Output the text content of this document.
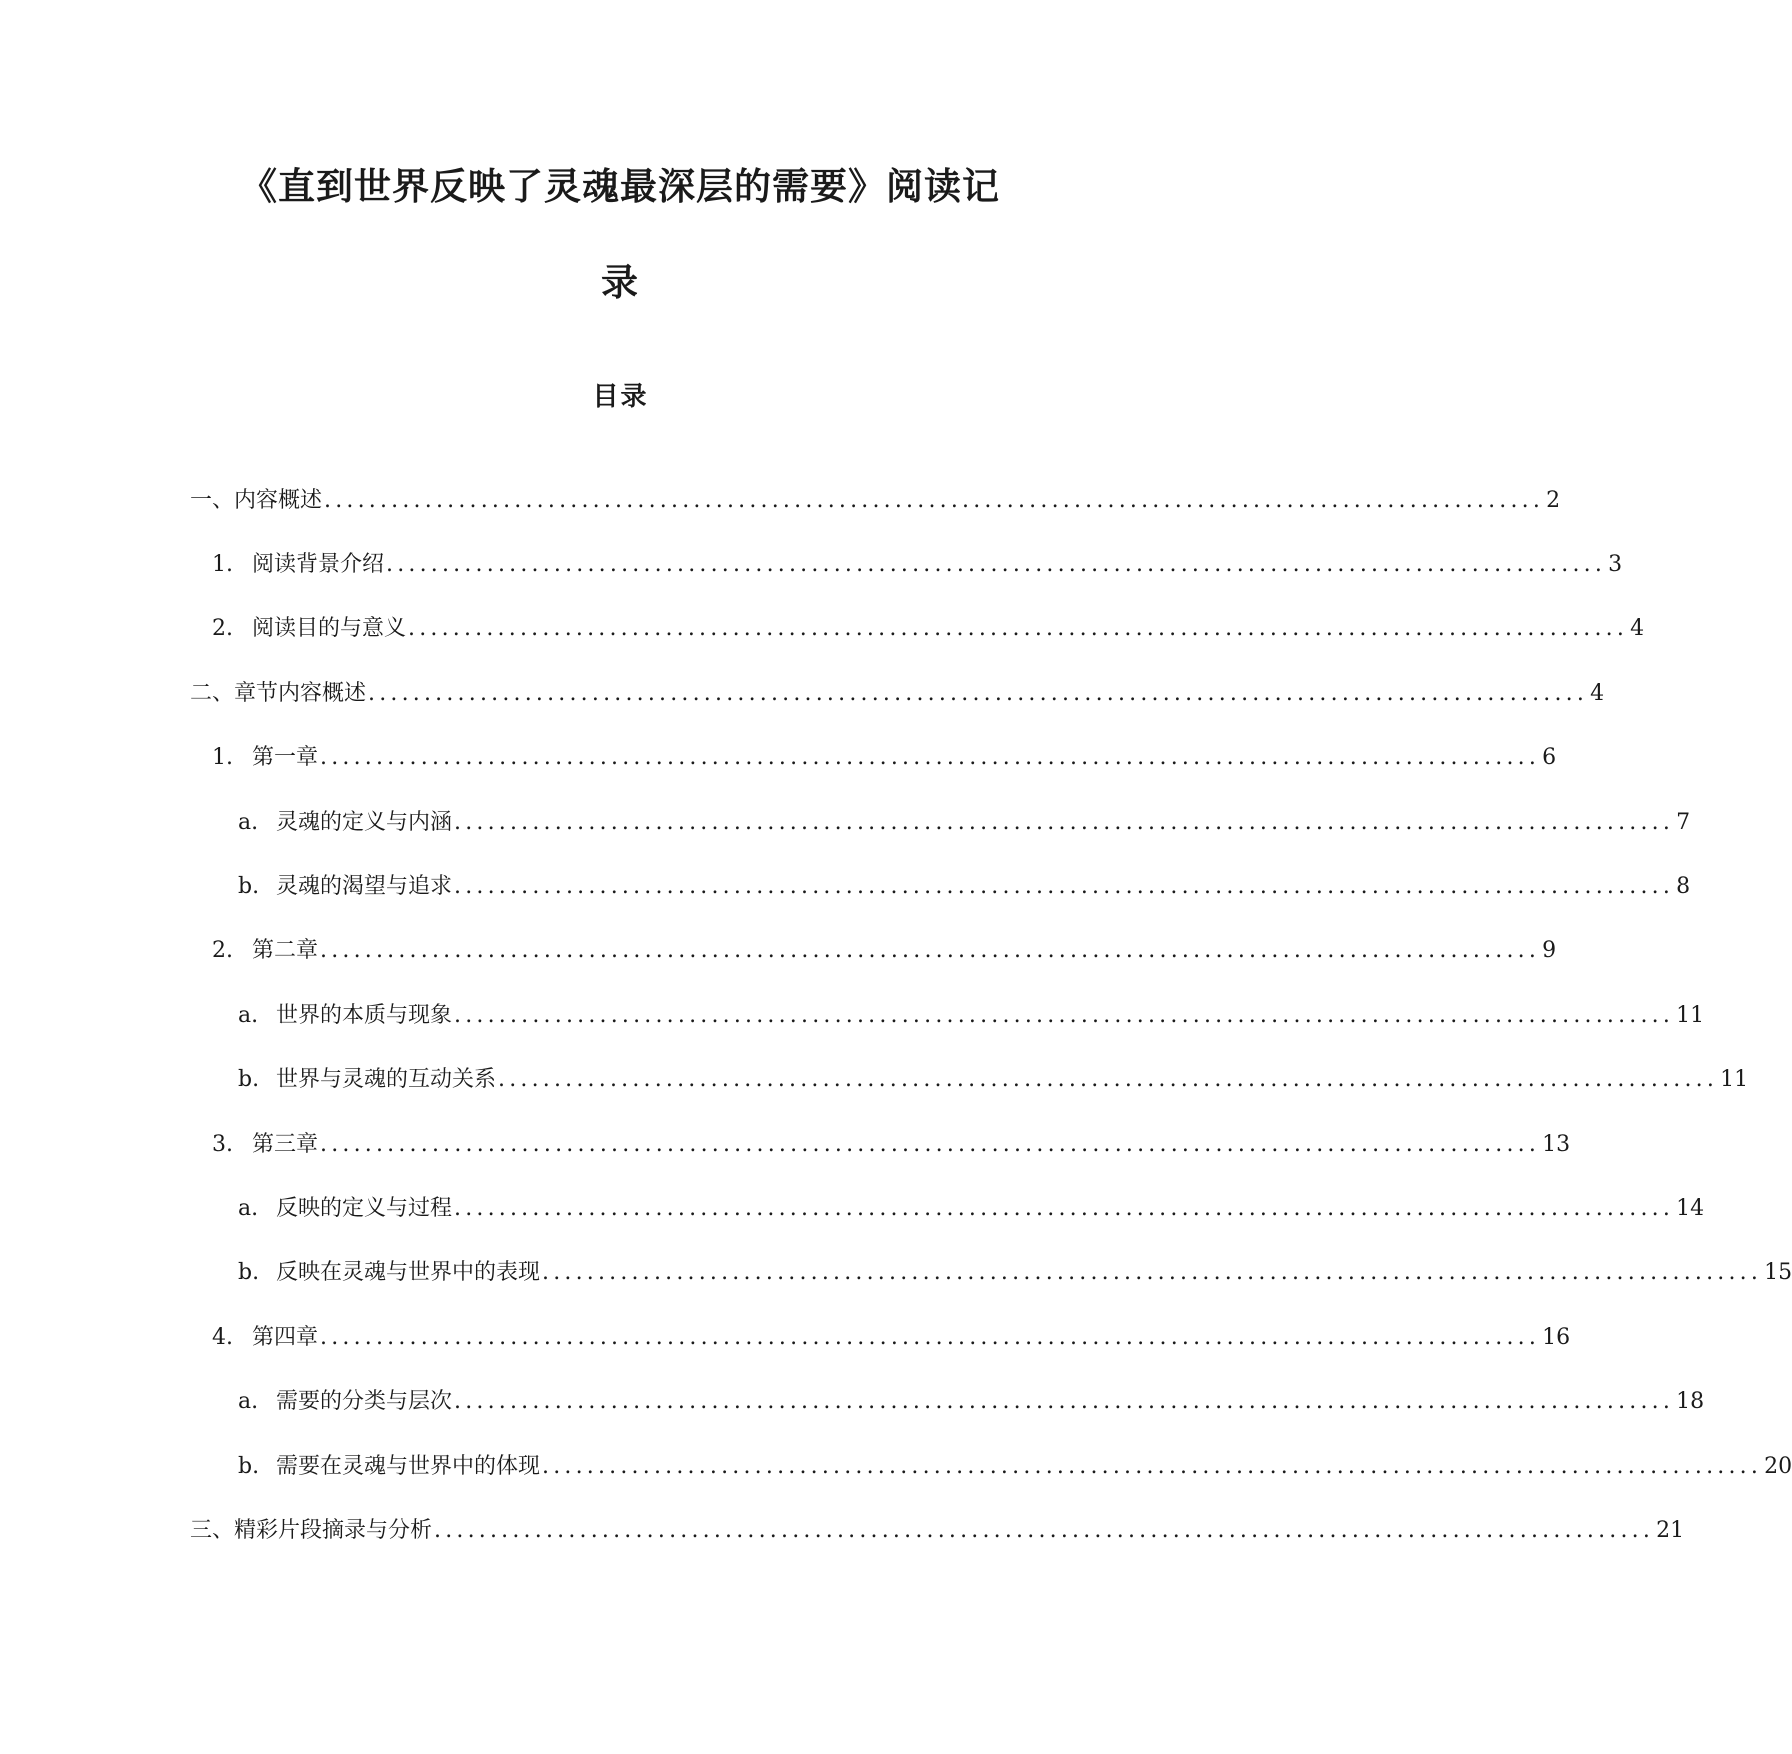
《直到世界反映了灵魂最深层的需要》阅读记
录
目录
一、内容概述 ............................................................................................................. 2
1. 阅读背景介绍 ............................................................................................................. 3
2. 阅读目的与意义 ............................................................................................................. 4
二、章节内容概述 ............................................................................................................. 4
1. 第一章 ............................................................................................................. 6
a. 灵魂的定义与内涵 ............................................................................................................. 7
b. 灵魂的渴望与追求 ............................................................................................................. 8
2. 第二章 ............................................................................................................. 9
a. 世界的本质与现象 ............................................................................................................. 11
b. 世界与灵魂的互动关系 ............................................................................................................. 11
3. 第三章 ............................................................................................................. 13
a. 反映的定义与过程 ............................................................................................................. 14
b. 反映在灵魂与世界中的表现 ............................................................................................................. 15
4. 第四章 ............................................................................................................. 16
a. 需要的分类与层次 ............................................................................................................. 18
b. 需要在灵魂与世界中的体现 ............................................................................................................. 20
三、精彩片段摘录与分析 ............................................................................................................. 21
